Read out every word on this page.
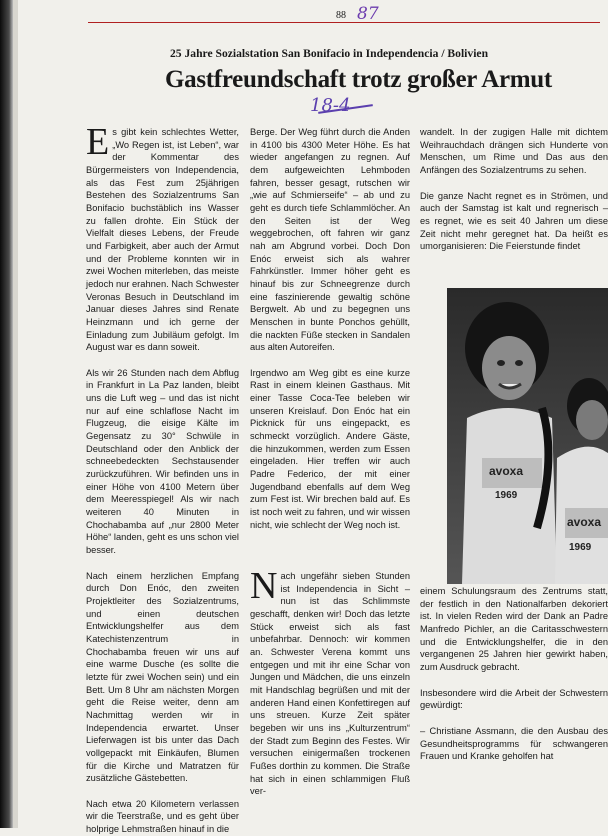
88 87
25 Jahre Sozialstation San Bonifacio in Independencia / Bolivien
Gastfreundschaft trotz großer Armut
18-4

Es gibt kein schlechtes Wetter, „Wo Regen ist, ist Leben“, war der Kommentar des Bürgermeisters von Independencia, als das Fest zum 25jährigen Bestehen des Sozialzentrums San Bonifacio buchstäblich ins Wasser zu fallen drohte. Ein Stück der Vielfalt dieses Lebens, der Freude und Farbigkeit, aber auch der Armut und der Probleme konnten wir in zwei Wochen miterleben, das meiste jedoch nur erahnen. Nach Schwester Veronas Besuch in Deutschland im Januar dieses Jahres sind Renate Heinzmann und ich gerne der Einladung zum Jubiläum gefolgt. Im August war es dann soweit.

Als wir 26 Stunden nach dem Abflug in Frankfurt in La Paz landen, bleibt uns die Luft weg – und das ist nicht nur auf eine schlaflose Nacht im Flugzeug, die eisige Kälte im Gegensatz zu 30° Schwüle in Deutschland oder den Anblick der schneebedeckten Sechstausender zurückzuführen. Wir befinden uns in einer Höhe von 4100 Metern über dem Meeresspiegel! Als wir nach weiteren 40 Minuten in Chochabamba auf „nur 2800 Meter Höhe“ landen, geht es uns schon viel besser.

Nach einem herzlichen Empfang durch Don Enóc, den zweiten Projektleiter des Sozialzentrums, und einen deutschen Entwicklungshelfer aus dem Katechistenzentrum in Chochabamba freuen wir uns auf eine warme Dusche (es sollte die letzte für zwei Wochen sein) und ein Bett. Um 8 Uhr am nächsten Morgen geht die Reise weiter, denn am Nachmittag werden wir in Independencia erwartet. Unser Lieferwagen ist bis unter das Dach vollgepackt mit Einkäufen, Blumen für die Kirche und Matratzen für zusätzliche Gästebetten.

Nach etwa 20 Kilometern verlassen wir die Teerstraße, und es geht über holprige Lehmstraßen hinauf in die

Berge. Der Weg führt durch die Anden in 4100 bis 4300 Meter Höhe. Es hat wieder angefangen zu regnen. Auf dem aufgeweichten Lehmboden fahren, besser gesagt, rutschen wir „wie auf Schmierseife“ – ab und zu geht es durch tiefe Schlammlöcher. An den Seiten ist der Weg weggebrochen, oft fahren wir ganz nah am Abgrund vorbei. Doch Don Enóc erweist sich als wahrer Fahrkünstler. Immer höher geht es hinauf bis zur Schneegrenze durch eine faszinierende gewaltig schöne Bergwelt. Ab und zu begegnen uns Menschen in bunte Ponchos gehüllt, die nackten Füße stecken in Sandalen aus alten Autoreifen.

Irgendwo am Weg gibt es eine kurze Rast in einem kleinen Gasthaus. Mit einer Tasse Coca-Tee beleben wir unseren Kreislauf. Don Enóc hat ein Picknick für uns eingepackt, es schmeckt vorzüglich. Andere Gäste, die hinzukommen, werden zum Essen eingeladen. Hier treffen wir auch Padre Federico, der mit einer Jugendband ebenfalls auf dem Weg zum Fest ist. Wir brechen bald auf. Es ist noch weit zu fahren, und wir wissen nicht, wie schlecht der Weg noch ist.

Nach ungefähr sieben Stunden ist Independencia in Sicht – nun ist das Schlimmste geschafft, denken wir! Doch das letzte Stück erweist sich als fast unbefahrbar. Dennoch: wir kommen an. Schwester Verena kommt uns entgegen und mit ihr eine Schar von Jungen und Mädchen, die uns einzeln mit Handschlag begrüßen und mit der anderen Hand einen Konfettiregen auf uns streuen. Kurze Zeit später begeben wir uns ins „Kulturzentrum“ der Stadt zum Beginn des Festes. Wir versuchen einigermaßen trockenen Fußes dorthin zu kommen. Die Straße hat sich in einen schlammigen Fluß ver-

wandelt. In der zugigen Halle mit dichtem Weihrauchdach drängen sich Hunderte von Menschen, um Rime und Das aus den Anfängen des Sozialzentrums zu sehen.

Die ganze Nacht regnet es in Strömen, und auch der Samstag ist kalt und regnerisch – es regnet, wie es seit 40 Jahren um diese Zeit nicht mehr geregnet hat. Da heißt es umorganisieren: Die Feierstunde findet

avoxa
1969
avoxa
1969

einem Schulungsraum des Zentrums statt, der festlich in den Nationalfarben dekoriert ist. In vielen Reden wird der Dank an Padre Manfredo Pichler, an die Caritasschwestern und die Entwicklungshelfer, die in den vergangenen 25 Jahren hier gewirkt haben, zum Ausdruck gebracht.

Insbesondere wird die Arbeit der Schwestern gewürdigt:

– Christiane Assmann, die den Ausbau des Gesundheitsprogramms für schwangeren Frauen und Kranke geholfen hat
